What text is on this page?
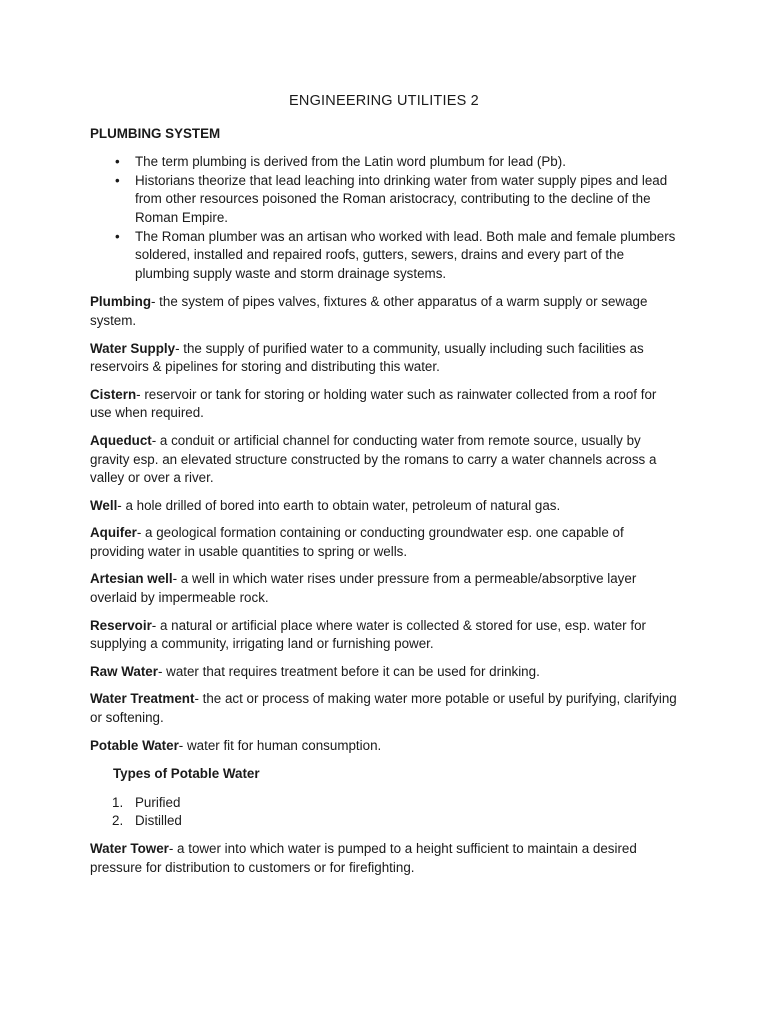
ENGINEERING UTILITIES 2
PLUMBING SYSTEM
• The term plumbing is derived from the Latin word plumbum for lead (Pb).
• Historians theorize that lead leaching into drinking water from water supply pipes and lead from other resources poisoned the Roman aristocracy, contributing to the decline of the Roman Empire.
• The Roman plumber was an artisan who worked with lead. Both male and female plumbers soldered, installed and repaired roofs, gutters, sewers, drains and every part of the plumbing supply waste and storm drainage systems.

Plumbing- the system of pipes valves, fixtures & other apparatus of a warm supply or sewage system.

Water Supply- the supply of purified water to a community, usually including such facilities as reservoirs & pipelines for storing and distributing this water.

Cistern- reservoir or tank for storing or holding water such as rainwater collected from a roof for use when required.

Aqueduct- a conduit or artificial channel for conducting water from remote source, usually by gravity esp. an elevated structure constructed by the romans to carry a water channels across a valley or over a river.

Well- a hole drilled of bored into earth to obtain water, petroleum of natural gas.

Aquifer- a geological formation containing or conducting groundwater esp. one capable of providing water in usable quantities to spring or wells.

Artesian well- a well in which water rises under pressure from a permeable/absorptive layer overlaid by impermeable rock.

Reservoir- a natural or artificial place where water is collected & stored for use, esp. water for supplying a community, irrigating land or furnishing power.

Raw Water- water that requires treatment before it can be used for drinking.

Water Treatment- the act or process of making water more potable or useful by purifying, clarifying or softening.

Potable Water- water fit for human consumption.

Types of Potable Water
1. Purified
2. Distilled

Water Tower- a tower into which water is pumped to a height sufficient to maintain a desired pressure for distribution to customers or for firefighting.
